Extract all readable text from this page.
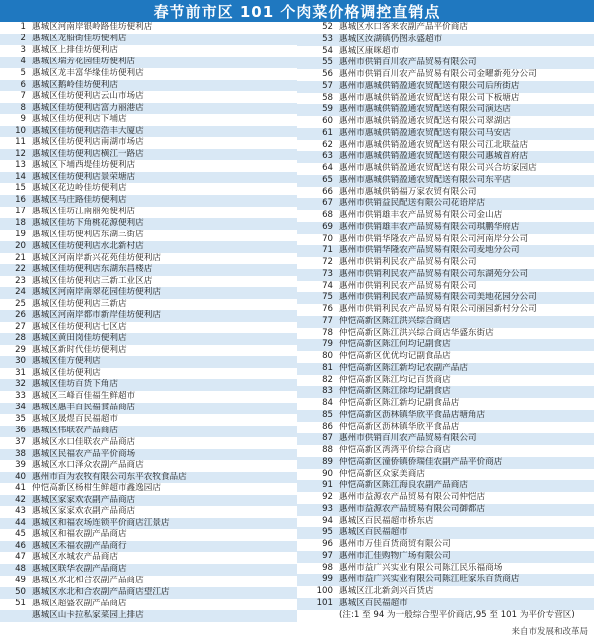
春节前市区 101 个肉菜价格调控直销点
1 惠城区河南岸银岭路佳坊便利店
2 惠城区龙船街佳坊便利店
3 惠城区上排佳坊便利店
4 惠城区瑞芳花园佳坊便利店
5 惠城区龙丰富华缘佳坊便利店
6 惠城区鹅岭佳坊便利店
7 惠城区佳坊便利店云山市场店
8 惠城区佳坊便利店富力丽港店
9 惠城区佳坊便利店下埔店
10 惠城区佳坊便利店浩丰大厦店
11 惠城区佳坊便利店南湖市场店
12 惠城区佳坊便利店横江一路店
13 惠城区下埔西堤佳坊便利店
14 惠城区佳坊便利店景荣塘店
15 惠城区花边岭佳坊便利店
16 惠城区马庄路佳坊便利店
17 惠城区佳坊江南丽苑便利店
18 惠城区佳坊下角桃花源便利店
19 惠城区佳坊便利店东湖三街店
20 惠城区佳坊便利店水北新村店
21 惠城区河南岸新兴花苑佳坊便利店
22 惠城区佳坊便利店东湖东昌楼店
23 惠城区佳坊便利店三新工业区店
24 惠城区河南岸南翠花园佳坊便利店
25 惠城区佳坊便利店三新店
26 惠城区河南岸都市新岸佳坊便利店
27 惠城区佳坊便利店七区店
28 惠城区黄田岗佳坊便利店
29 惠城区新时代佳坊便利店
30 惠城区佳方便利店
31 惠城区佳坊便利店
32 惠城区佳坊百货下角店
33 惠城区三峰百佳福生鲜超市
34 惠城区惠丰百民福食品商店
35 惠城区晟煜百民福超市
36 惠城区伟联农产品商店
37 惠城区水口佳联农产品商店
38 惠城区民福农产品平价商场
39 惠城区水口泽众农副产品商店
40 惠州市百为农牧有限公司东平农牧食品店
41 仲恺高新区杨柑生鲜超市鑫逸园店
42 惠城区家家欢农副产品商店
43 惠城区家家欢农副产品商店
44 惠城区和福农场连锁平价商店江景店
45 惠城区和福农副产品商店
46 惠城区禾福农副产品商行
47 惠城区水城农产品商店
48 惠城区联华农副产品商店
49 惠城区水北和合农副产品商店
50 惠城区水北和合农副产品商店望江店
51 惠城区超盛农副产品商店
惠城区山卡拉私家菜园上排店
52 惠城区水口客来农副产品平价商店
53 惠城区汝湖镇仍图永盛超市
54 惠城区康咪超市
55 惠州市供销百川农产品贸易有限公司
56 惠州市供销百川农产品贸易有限公司金曜新苑分公司
57 惠州市惠城供销盈通农贸配送有限公司后所街店
58 惠州市惠城供销盈通农贸配送有限公司下板塘店
59 惠州市惠城供销盈通农贸配送有限公司演达店
60 惠州市惠城供销盈通农贸配送有限公司翠湖店
61 惠州市惠城供销盈通农贸配送有限公司马安店
62 惠州市惠城供销盈通农贸配送有限公司江北联益店
63 惠州市惠城供销盈通农贸配送有限公司惠城首府店
64 惠州市惠城供销盈通农贸配送有限公司兴合坊家园店
65 惠州市惠城供销盈通农贸配送有限公司东平店
66 惠州市惠城供销福万家农贸有限公司
67 惠州市供销益民配送有限公司花语岸店
68 惠州市供销雄丰农产品贸易有限公司金山店
69 惠州市供销雄丰农产品贸易有限公司琪鹏华府店
70 惠州市供销华隆农产品贸易有限公司河南岸分公司
71 惠州市供销华隆农产品贸易有限公司麦地分公司
72 惠州市供销利民农产品贸易有限公司
73 惠州市供销利民农产品贸易有限公司东湖苑分公司
74 惠州市供销利民农产品贸易有限公司
75 惠州市供销利民农产品贸易有限公司美地花园分公司
76 惠州市供销利民农产品贸易有限公司丽园新村分公司
77 仲恺高新区陈江洪兴综合商店
78 仲恺高新区陈江洪兴综合商店华盛东街店
79 仲恺高新区陈江何均记副食店
80 仲恺高新区优优均记副食品店
81 仲恺高新区陈江新均记农副产品店
82 仲恺高新区陈江均记百货商店
83 仲恺高新区陈江徐均记副食店
84 仲恺高新区陈江新均记副食品店
85 仲恺高新区沥林镇华欣平食品店塘角店
86 仲恺高新区沥林镇华欣平食品店
87 惠州市供销百川农产品贸易有限公司
88 仲恺高新区湾湾平价综合商店
89 仲恺高新区潼侨镇侨瑞佳农副产品平价商店
90 仲恺高新区众家美商店
91 仲恺高新区陈江海良农副产品商店
92 惠州市益源农产品贸易有限公司仲恺店
93 惠州市益源农产品贸易有限公司御都店
94 惠城区百民福超市桥东店
95 惠城区百民福超市
96 惠州市万佳百货商贸有限公司
97 惠州市汇佳购物广场有限公司
98 惠州市益广兴实业有限公司陈江民乐福商场
99 惠州市益广兴实业有限公司陈江旺家乐百货商店
100 惠城区江北新剑兴百货店
101 惠城区百民福超市
(注:1 至 94 为一般综合型平价商店,95 至 101 为平价专营区)
来自市发展和改革局
